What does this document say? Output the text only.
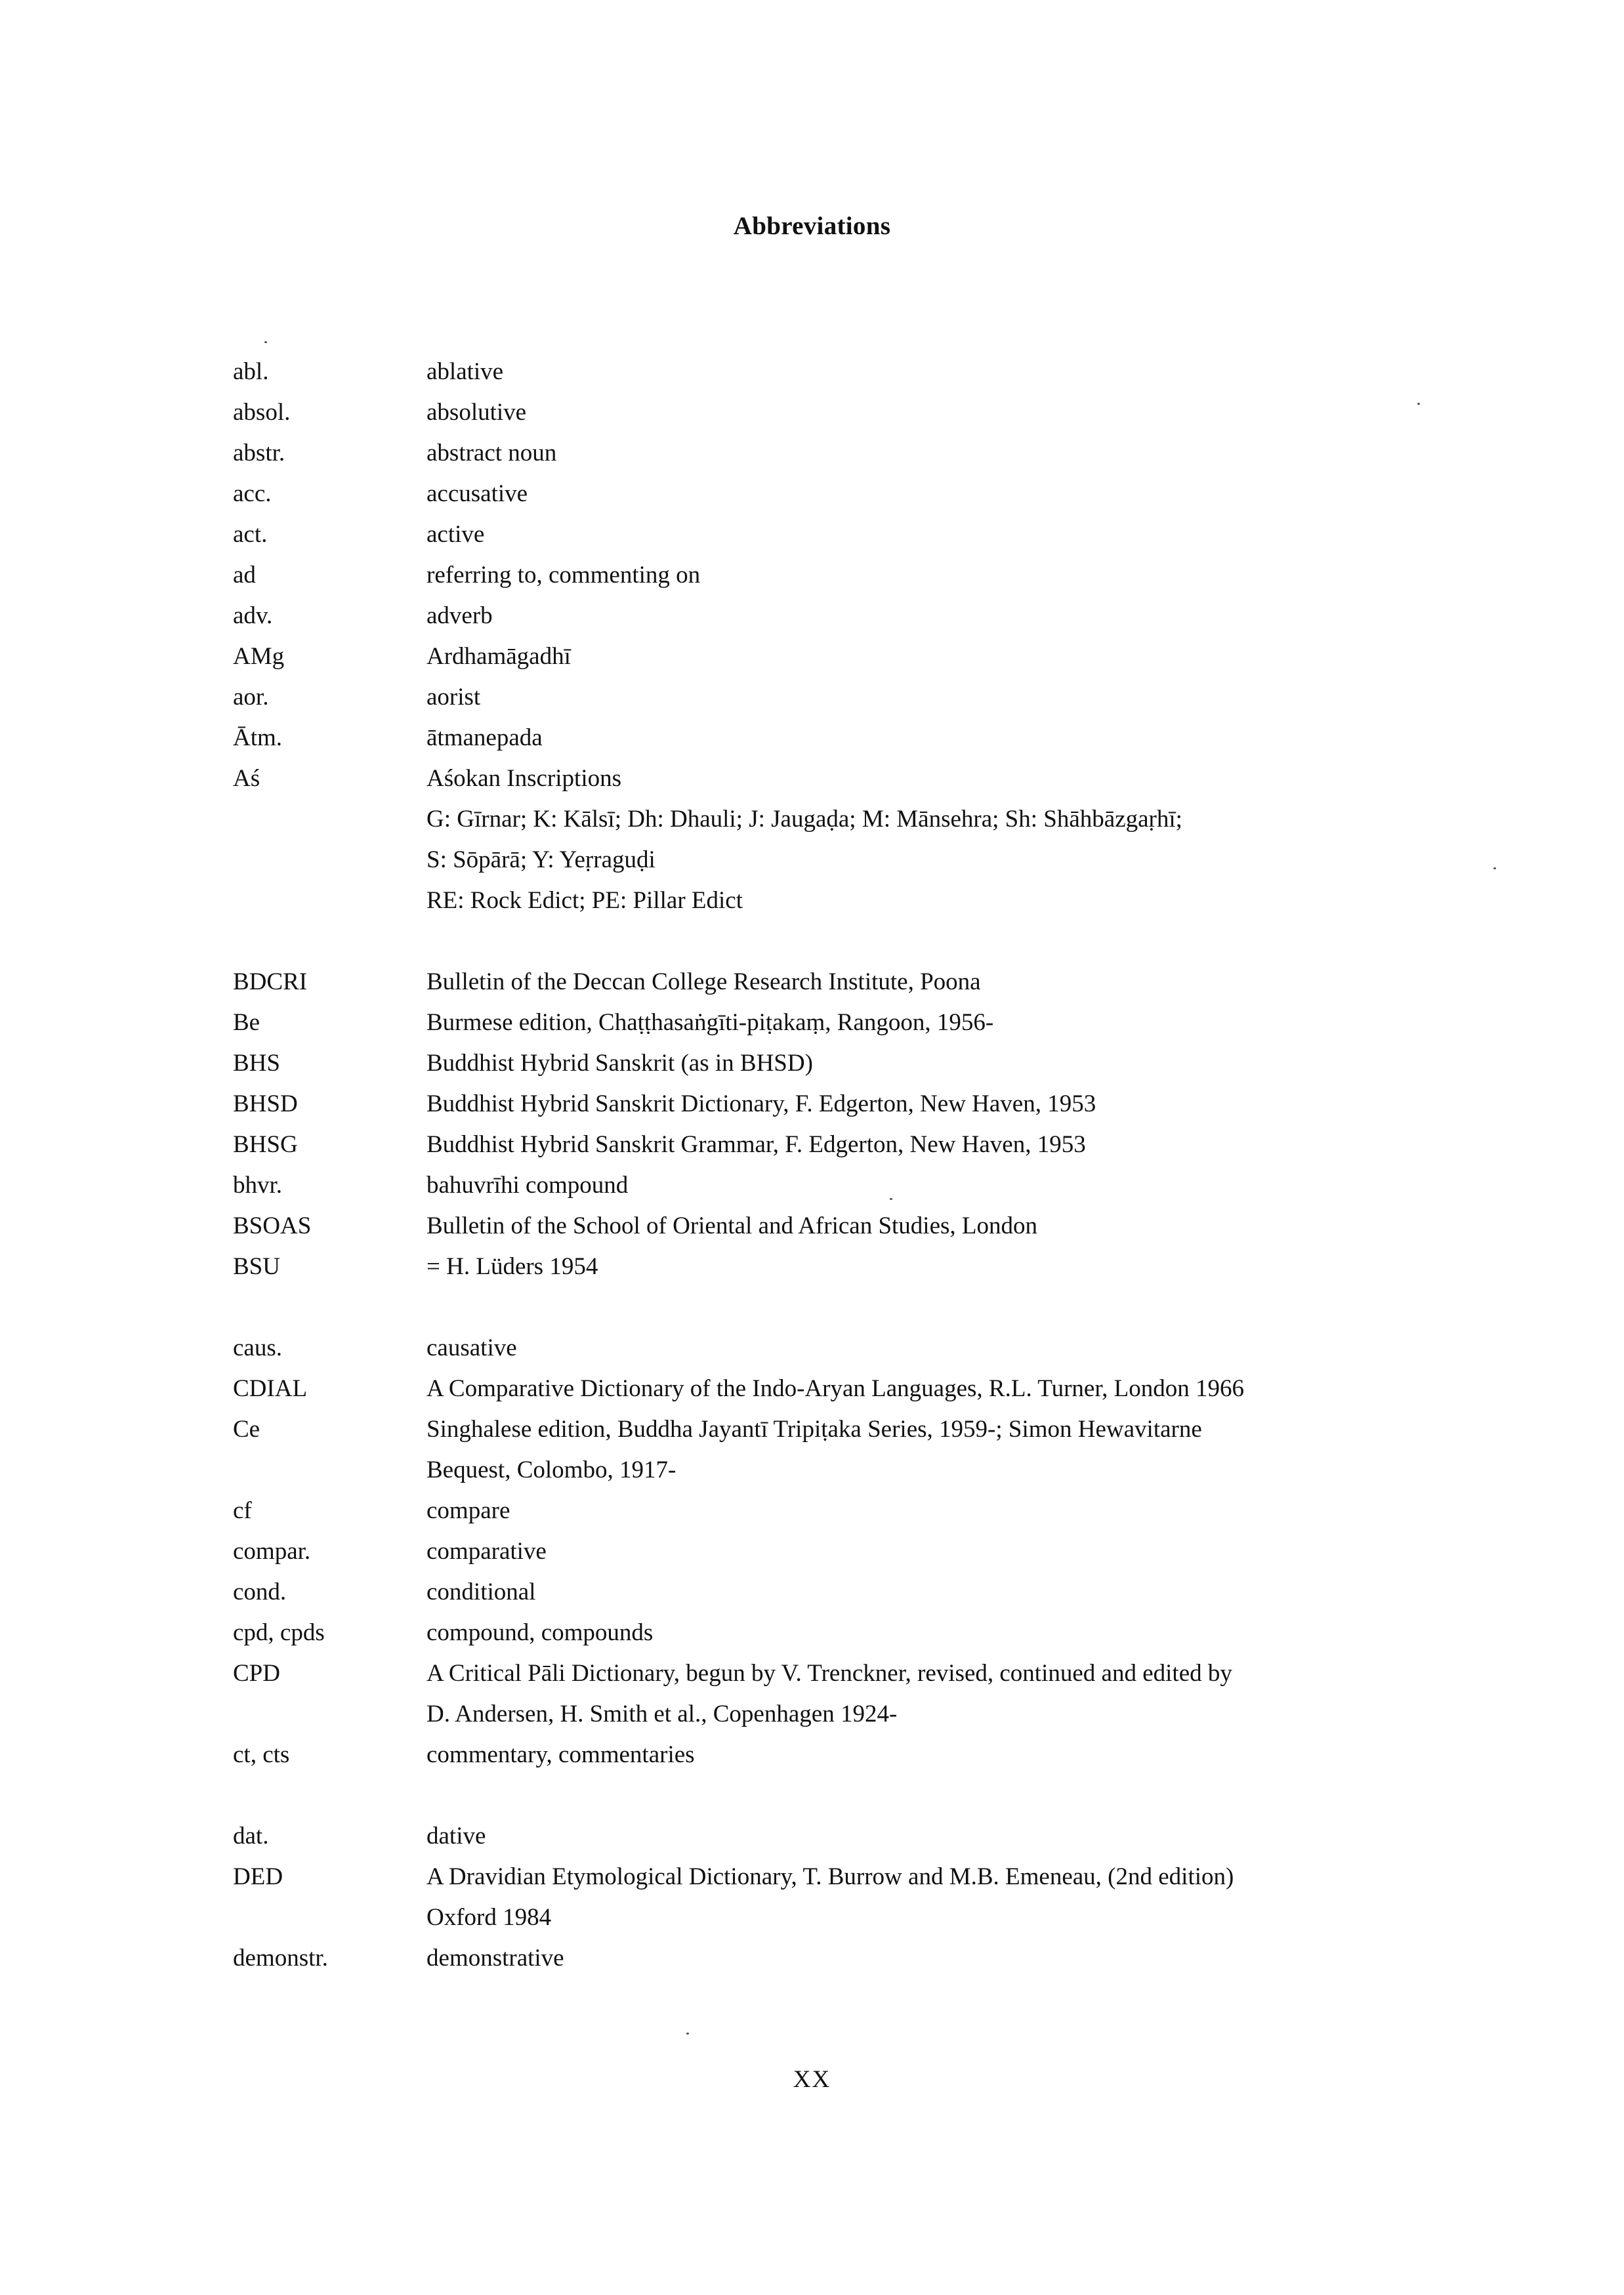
Abbreviations
abl.	ablative
absol.	absolutive
abstr.	abstract noun
acc.	accusative
act.	active
ad	referring to, commenting on
adv.	adverb
AMg	Ardhamāgadhī
aor.	aorist
Ātm.	ātmanepada
Aś	Aśokan Inscriptions
G: Gīrnar; K: Kālsī; Dh: Dhauli; J: Jaugaḍa; M: Mānsehra; Sh: Shāhbāzgaṛhī;
S: Sōpārā; Y: Yeṛraguḍi
RE: Rock Edict; PE: Pillar Edict
BDCRI	Bulletin of the Deccan College Research Institute, Poona
Be	Burmese edition, Chaṭṭhasaṅgīti-piṭakaṃ, Rangoon, 1956-
BHS	Buddhist Hybrid Sanskrit (as in BHSD)
BHSD	Buddhist Hybrid Sanskrit Dictionary, F. Edgerton, New Haven, 1953
BHSG	Buddhist Hybrid Sanskrit Grammar, F. Edgerton, New Haven, 1953
bhvr.	bahuvrīhi compound
BSOAS	Bulletin of the School of Oriental and African Studies, London
BSU	= H. Lüders 1954
caus.	causative
CDIAL	A Comparative Dictionary of the Indo-Aryan Languages, R.L. Turner, London 1966
Ce	Singhalese edition, Buddha Jayantī Tripiṭaka Series, 1959-; Simon Hewavitarne
Bequest, Colombo, 1917-
cf	compare
compar.	comparative
cond.	conditional
cpd, cpds	compound, compounds
CPD	A Critical Pāli Dictionary, begun by V. Trenckner, revised, continued and edited by
D. Andersen, H. Smith et al., Copenhagen 1924-
ct, cts	commentary, commentaries
dat.	dative
DED	A Dravidian Etymological Dictionary, T. Burrow and M.B. Emeneau, (2nd edition)
Oxford 1984
demonstr.	demonstrative
XX
